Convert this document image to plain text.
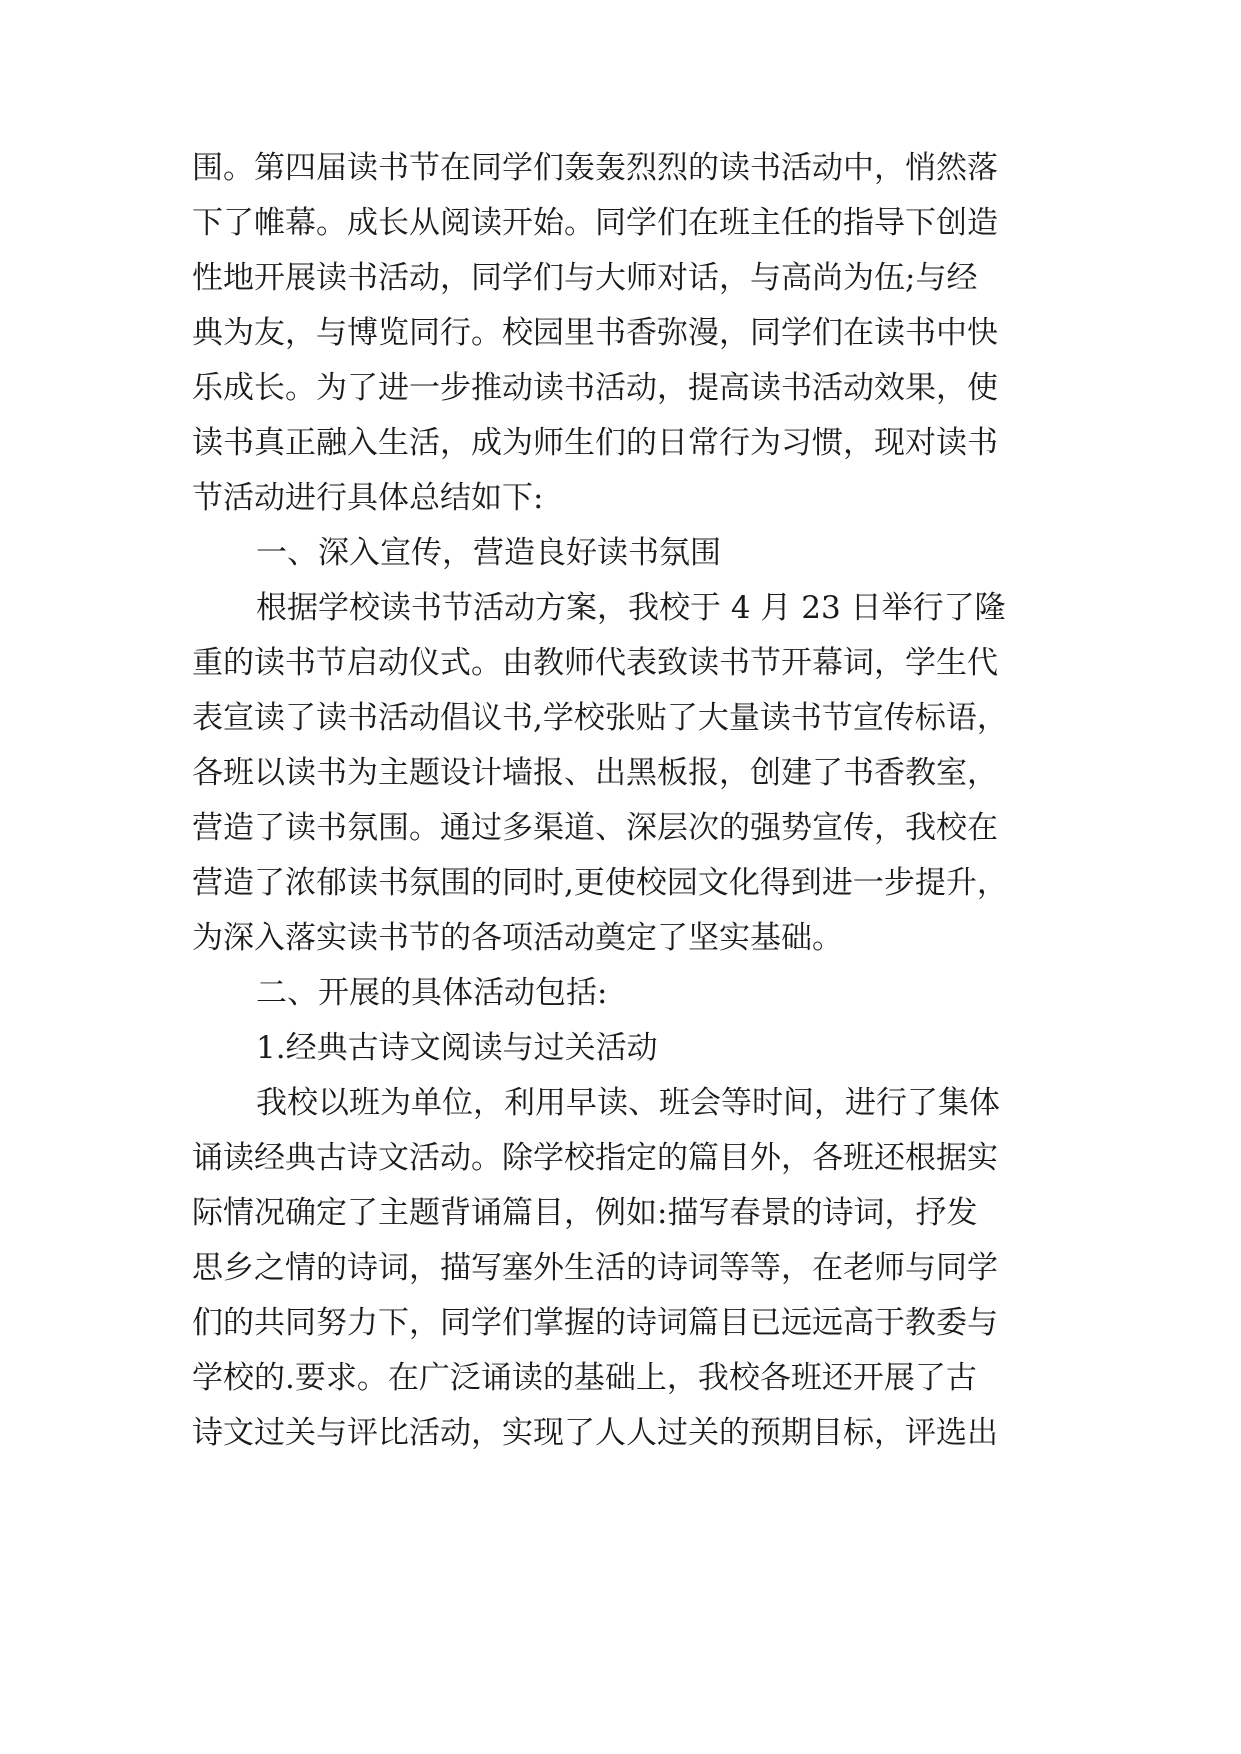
围。第四届读书节在同学们轰轰烈烈的读书活动中，悄然落
下了帷幕。成长从阅读开始。同学们在班主任的指导下创造
性地开展读书活动，同学们与大师对话，与高尚为伍;与经
典为友，与博览同行。校园里书香弥漫，同学们在读书中快
乐成长。为了进一步推动读书活动，提高读书活动效果，使
读书真正融入生活，成为师生们的日常行为习惯，现对读书
节活动进行具体总结如下:
一、深入宣传，营造良好读书氛围
根据学校读书节活动方案，我校于 4 月 23 日举行了隆
重的读书节启动仪式。由教师代表致读书节开幕词，学生代
表宣读了读书活动倡议书,学校张贴了大量读书节宣传标语，
各班以读书为主题设计墙报、出黑板报，创建了书香教室，
营造了读书氛围。通过多渠道、深层次的强势宣传，我校在
营造了浓郁读书氛围的同时,更使校园文化得到进一步提升，
为深入落实读书节的各项活动奠定了坚实基础。
二、开展的具体活动包括:
1.经典古诗文阅读与过关活动
我校以班为单位，利用早读、班会等时间，进行了集体
诵读经典古诗文活动。除学校指定的篇目外，各班还根据实
际情况确定了主题背诵篇目，例如:描写春景的诗词，抒发
思乡之情的诗词，描写塞外生活的诗词等等，在老师与同学
们的共同努力下，同学们掌握的诗词篇目已远远高于教委与
学校的.要求。在广泛诵读的基础上，我校各班还开展了古
诗文过关与评比活动，实现了人人过关的预期目标，评选出
